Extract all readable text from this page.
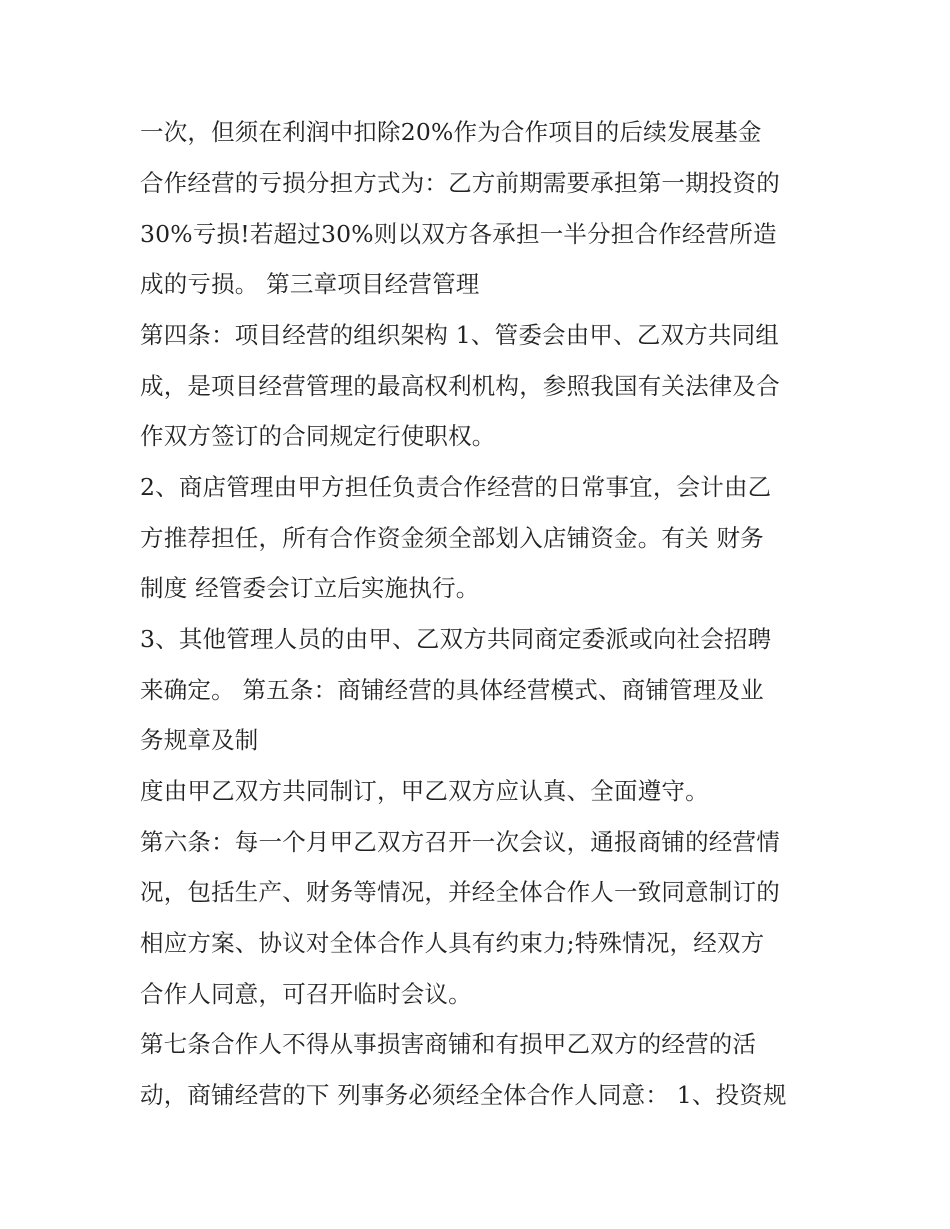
一次，但须在利润中扣除20%作为合作项目的后续发展基金

合作经营的亏损分担方式为：乙方前期需要承担第一期投资的

30%亏损!若超过30%则以双方各承担一半分担合作经营所造

成的亏损。 第三章项目经营管理

第四条：项目经营的组织架构 1、管委会由甲、乙双方共同组

成，是项目经营管理的最高权利机构，参照我国有关法律及合

作双方签订的合同规定行使职权。

2、商店管理由甲方担任负责合作经营的日常事宜，会计由乙

方推荐担任，所有合作资金须全部划入店铺资金。有关 财务

制度 经管委会订立后实施执行。

3、其他管理人员的由甲、乙双方共同商定委派或向社会招聘

来确定。 第五条：商铺经营的具体经营模式、商铺管理及业

务规章及制

度由甲乙双方共同制订，甲乙双方应认真、全面遵守。

第六条：每一个月甲乙双方召开一次会议，通报商铺的经营情

况，包括生产、财务等情况，并经全体合作人一致同意制订的

相应方案、协议对全体合作人具有约束力;特殊情况，经双方

合作人同意，可召开临时会议。

第七条合作人不得从事损害商铺和有损甲乙双方的经营的活

动，商铺经营的下 列事务必须经全体合作人同意： 1、投资规
